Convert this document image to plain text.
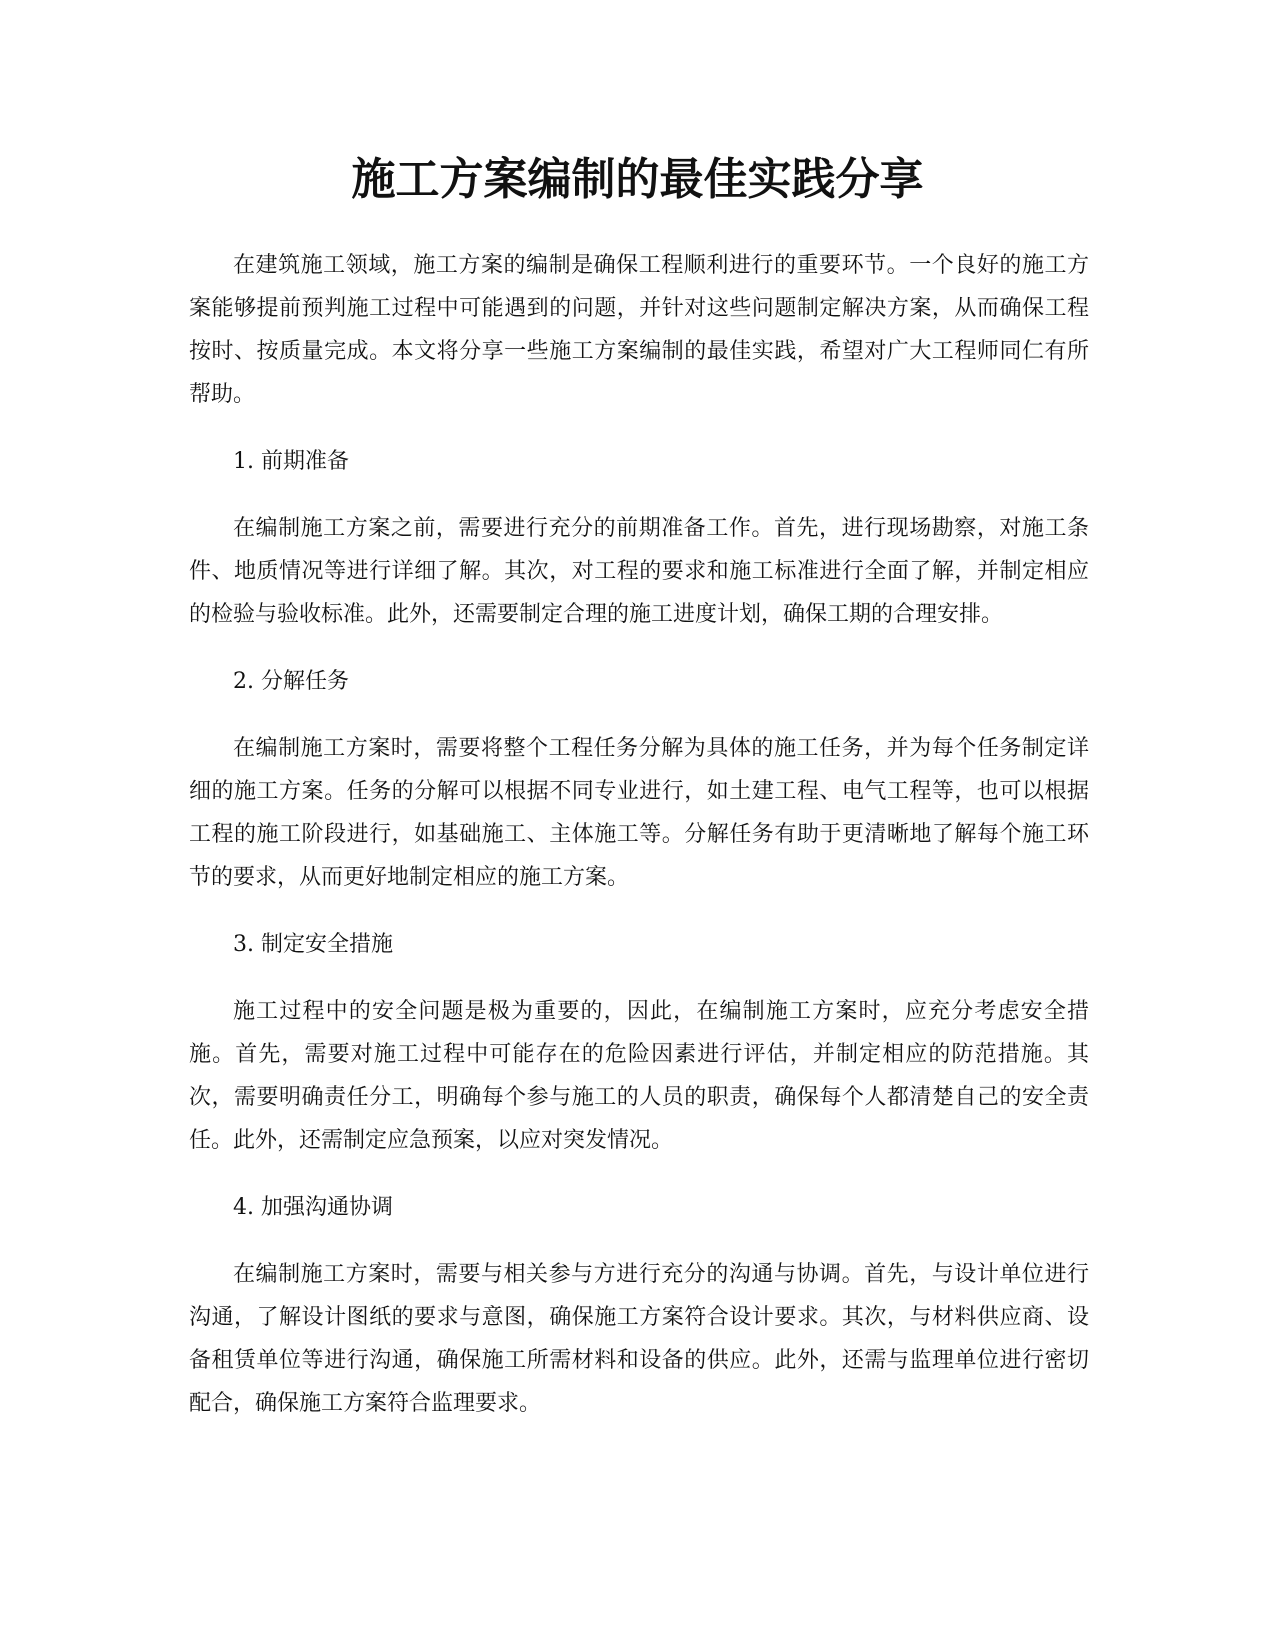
施工方案编制的最佳实践分享

在建筑施工领域，施工方案的编制是确保工程顺利进行的重要环节。一个良好的施工方案能够提前预判施工过程中可能遇到的问题，并针对这些问题制定解决方案，从而确保工程按时、按质量完成。本文将分享一些施工方案编制的最佳实践，希望对广大工程师同仁有所帮助。

1. 前期准备

在编制施工方案之前，需要进行充分的前期准备工作。首先，进行现场勘察，对施工条件、地质情况等进行详细了解。其次，对工程的要求和施工标准进行全面了解，并制定相应的检验与验收标准。此外，还需要制定合理的施工进度计划，确保工期的合理安排。

2. 分解任务

在编制施工方案时，需要将整个工程任务分解为具体的施工任务，并为每个任务制定详细的施工方案。任务的分解可以根据不同专业进行，如土建工程、电气工程等，也可以根据工程的施工阶段进行，如基础施工、主体施工等。分解任务有助于更清晰地了解每个施工环节的要求，从而更好地制定相应的施工方案。

3. 制定安全措施

施工过程中的安全问题是极为重要的，因此，在编制施工方案时，应充分考虑安全措施。首先，需要对施工过程中可能存在的危险因素进行评估，并制定相应的防范措施。其次，需要明确责任分工，明确每个参与施工的人员的职责，确保每个人都清楚自己的安全责任。此外，还需制定应急预案，以应对突发情况。

4. 加强沟通协调

在编制施工方案时，需要与相关参与方进行充分的沟通与协调。首先，与设计单位进行沟通，了解设计图纸的要求与意图，确保施工方案符合设计要求。其次，与材料供应商、设备租赁单位等进行沟通，确保施工所需材料和设备的供应。此外，还需与监理单位进行密切配合，确保施工方案符合监理要求。
